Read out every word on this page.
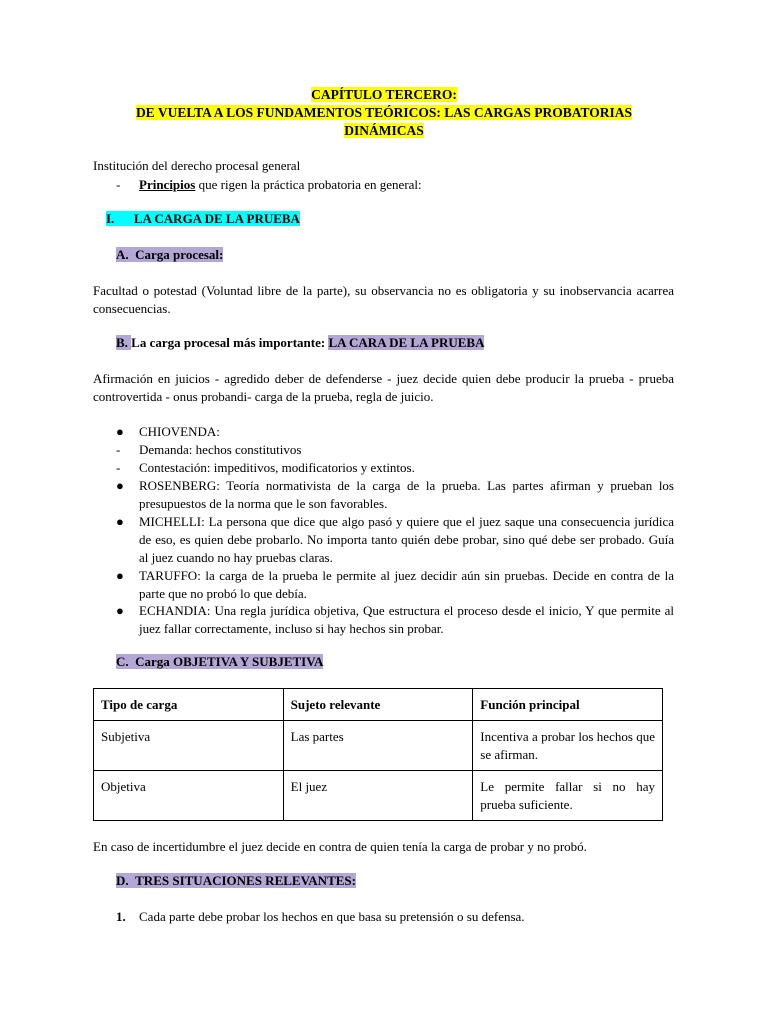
CAPÍTULO TERCERO:
DE VUELTA A LOS FUNDAMENTOS TEÓRICOS: LAS CARGAS PROBATORIAS
DINÁMICAS
Institución del derecho procesal general
- Principios que rigen la práctica probatoria en general:
I. LA CARGA DE LA PRUEBA
A. Carga procesal:
Facultad o potestad (Voluntad libre de la parte), su observancia no es obligatoria y su inobservancia acarrea consecuencias.
B. La carga procesal más importante: LA CARA DE LA PRUEBA
Afirmación en juicios - agredido deber de defenderse - juez decide quien debe producir la prueba - prueba controvertida - onus probandi- carga de la prueba, regla de juicio.
● CHIOVENDA:
- Demanda: hechos constitutivos
- Contestación: impeditivos, modificatorios y extintos.
● ROSENBERG: Teoría normativista de la carga de la prueba. Las partes afirman y prueban los presupuestos de la norma que le son favorables.
● MICHELLI: La persona que dice que algo pasó y quiere que el juez saque una consecuencia jurídica de eso, es quien debe probarlo. No importa tanto quién debe probar, sino qué debe ser probado. Guía al juez cuando no hay pruebas claras.
● TARUFFO: la carga de la prueba le permite al juez decidir aún sin pruebas. Decide en contra de la parte que no probó lo que debía.
● ECHANDIA: Una regla jurídica objetiva, Que estructura el proceso desde el inicio, Y que permite al juez fallar correctamente, incluso si hay hechos sin probar.
C. Carga OBJETIVA Y SUBJETIVA
Tipo de carga	Sujeto relevante	Función principal
Subjetiva	Las partes	Incentiva a probar los hechos que se afirman.
Objetiva	El juez	Le permite fallar si no hay prueba suficiente.
En caso de incertidumbre el juez decide en contra de quien tenía la carga de probar y no probó.
D. TRES SITUACIONES RELEVANTES:
1. Cada parte debe probar los hechos en que basa su pretensión o su defensa.
